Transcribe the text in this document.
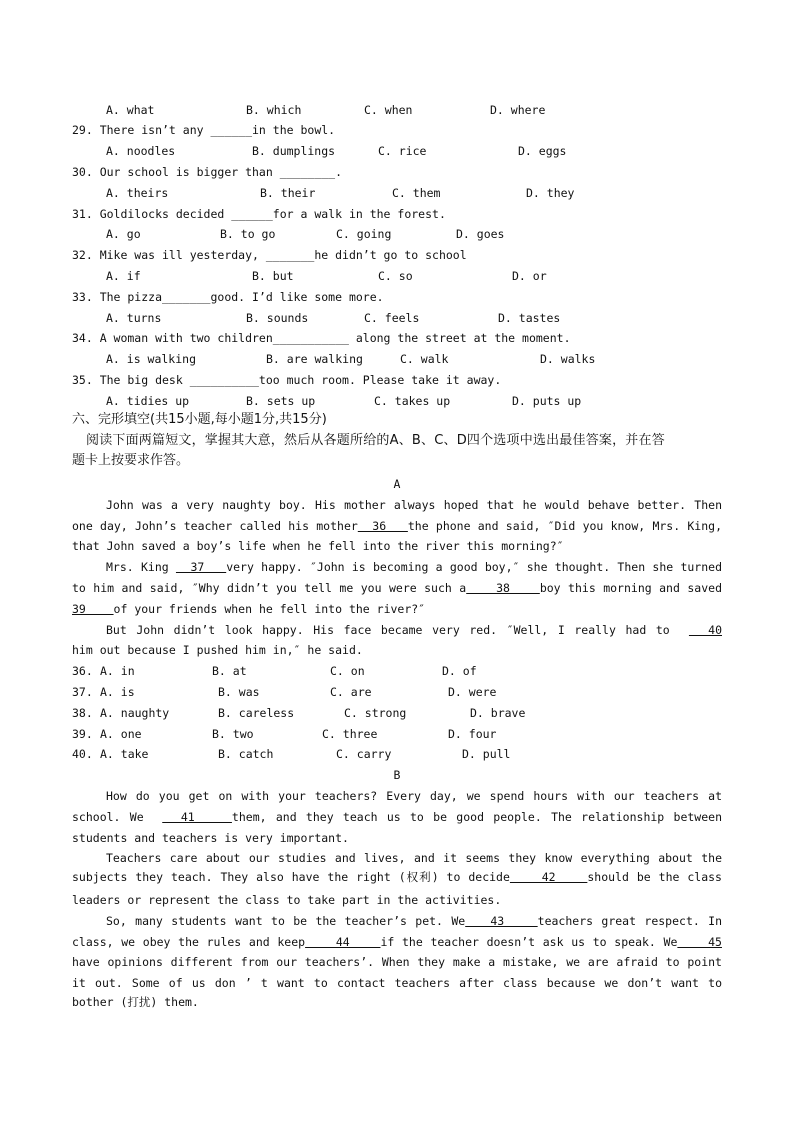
A. what

	B. which

	C. when

	D. where

29. There isn’t any ______in the bowl.

A. noodles

	B. dumplings

	C. rice

	D. eggs

30. Our school is bigger than ________.

A. theirs

	B. their

	C. them

	D. they

31. Goldilocks decided ______for a walk in the forest.

A. go

	B. to go

	C. going

	D. goes

32. Mike was ill yesterday, _______he didn’t go to school

A. if

	B. but

	C. so

	D. or

33. The pizza_______good. I’d like some more.

A. turns

	B. sounds

	C. feels

	D. tastes

34. A woman with two children___________ along the street at the moment.

A. is walking

	B. are walking

	C. walk

	D. walks

35. The big desk __________too much room. Please take it away.

A. tidies up

	B. sets up

	C. takes up

	D. puts up

六、完形填空(共15小题,每小题1分,共15分)
阅读下面两篇短文，掌握其大意，然后从各题所给的A、B、C、D四个选项中选出最佳答案，并在答
题卡上按要求作答。
A
John was a very naughty boy. His mother always hoped that he would behave better. Then
one day, John’s teacher called his mother  36   the phone and said, ″Did you know, Mrs. King,
that John saved a boy’s life when he fell into the river this morning?″
Mrs. King   37   very happy. ″John is becoming a good boy,″ she thought. Then she turned
to him and said, ″Why didn’t you tell me you were such a    38    boy this morning and saved
39    of your friends when he fell into the river?″
But John didn’t look happy. His face became very red. ″Well, I really had to    40
him out because I pushed him in,″ he said.

36.

A. in

	B. at

	C. on

	D. of

37.

A. is

	B. was

	C. are

	D. were

38.

A. naughty

	B. careless

	C. strong

	D. brave

39.

A. one

	B. two

	C. three

	D. four

40.

A. take

	B. catch

	C. carry

	D. pull

B
How do you get on with your teachers? Every day, we spend hours with our teachers at
school. We    41    them, and they teach us to be good people. The relationship between
students and teachers is very important.
Teachers care about our studies and lives, and it seems they know everything about the
subjects they teach. They also have the right (权利) to decide    42    should be the class
leaders or represent the class to take part in the activities.
So, many students want to be the teacher’s pet. We   43    teachers great respect. In
class, we obey the rules and keep    44    if the teacher doesn’t ask us to speak. We    45
have opinions different from our teachers’. When they make a mistake, we are afraid to point
it out. Some of us don ’ t want to contact teachers after class because we don’t want to
bother (打扰) them.
